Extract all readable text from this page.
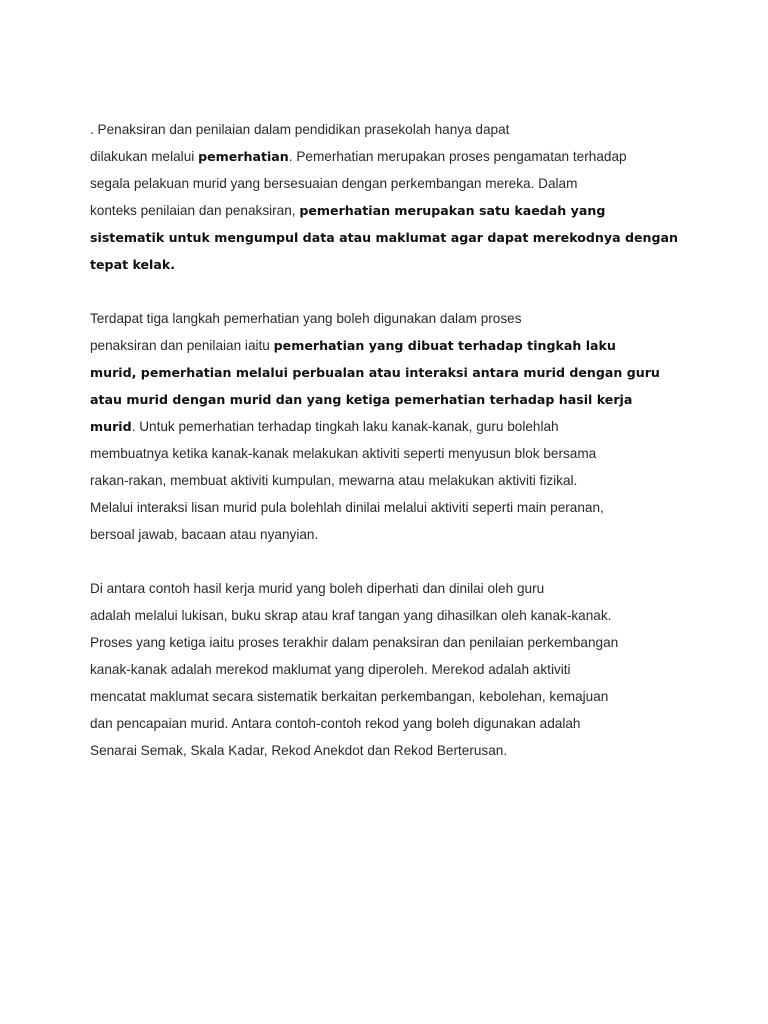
. Penaksiran dan penilaian dalam pendidikan prasekolah hanya dapat
dilakukan melalui pemerhatian. Pemerhatian merupakan proses pengamatan terhadap
segala pelakuan murid yang bersesuaian dengan perkembangan mereka. Dalam
konteks penilaian dan penaksiran, pemerhatian merupakan satu kaedah yang
sistematik untuk mengumpul data atau maklumat agar dapat merekodnya dengan
tepat kelak.
Terdapat tiga langkah pemerhatian yang boleh digunakan dalam proses
penaksiran dan penilaian iaitu pemerhatian yang dibuat terhadap tingkah laku
murid, pemerhatian melalui perbualan atau interaksi antara murid dengan guru
atau murid dengan murid dan yang ketiga pemerhatian terhadap hasil kerja
murid. Untuk pemerhatian terhadap tingkah laku kanak-kanak, guru bolehlah
membuatnya ketika kanak-kanak melakukan aktiviti seperti menyusun blok bersama
rakan-rakan, membuat aktiviti kumpulan, mewarna atau melakukan aktiviti fizikal.
Melalui interaksi lisan murid pula bolehlah dinilai melalui aktiviti seperti main peranan,
bersoal jawab, bacaan atau nyanyian.
Di antara contoh hasil kerja murid yang boleh diperhati dan dinilai oleh guru
adalah melalui lukisan, buku skrap atau kraf tangan yang dihasilkan oleh kanak-kanak.
Proses yang ketiga iaitu proses terakhir dalam penaksiran dan penilaian perkembangan
kanak-kanak adalah merekod maklumat yang diperoleh. Merekod adalah aktiviti
mencatat maklumat secara sistematik berkaitan perkembangan, kebolehan, kemajuan
dan pencapaian murid. Antara contoh-contoh rekod yang boleh digunakan adalah
Senarai Semak, Skala Kadar, Rekod Anekdot dan Rekod Berterusan.
